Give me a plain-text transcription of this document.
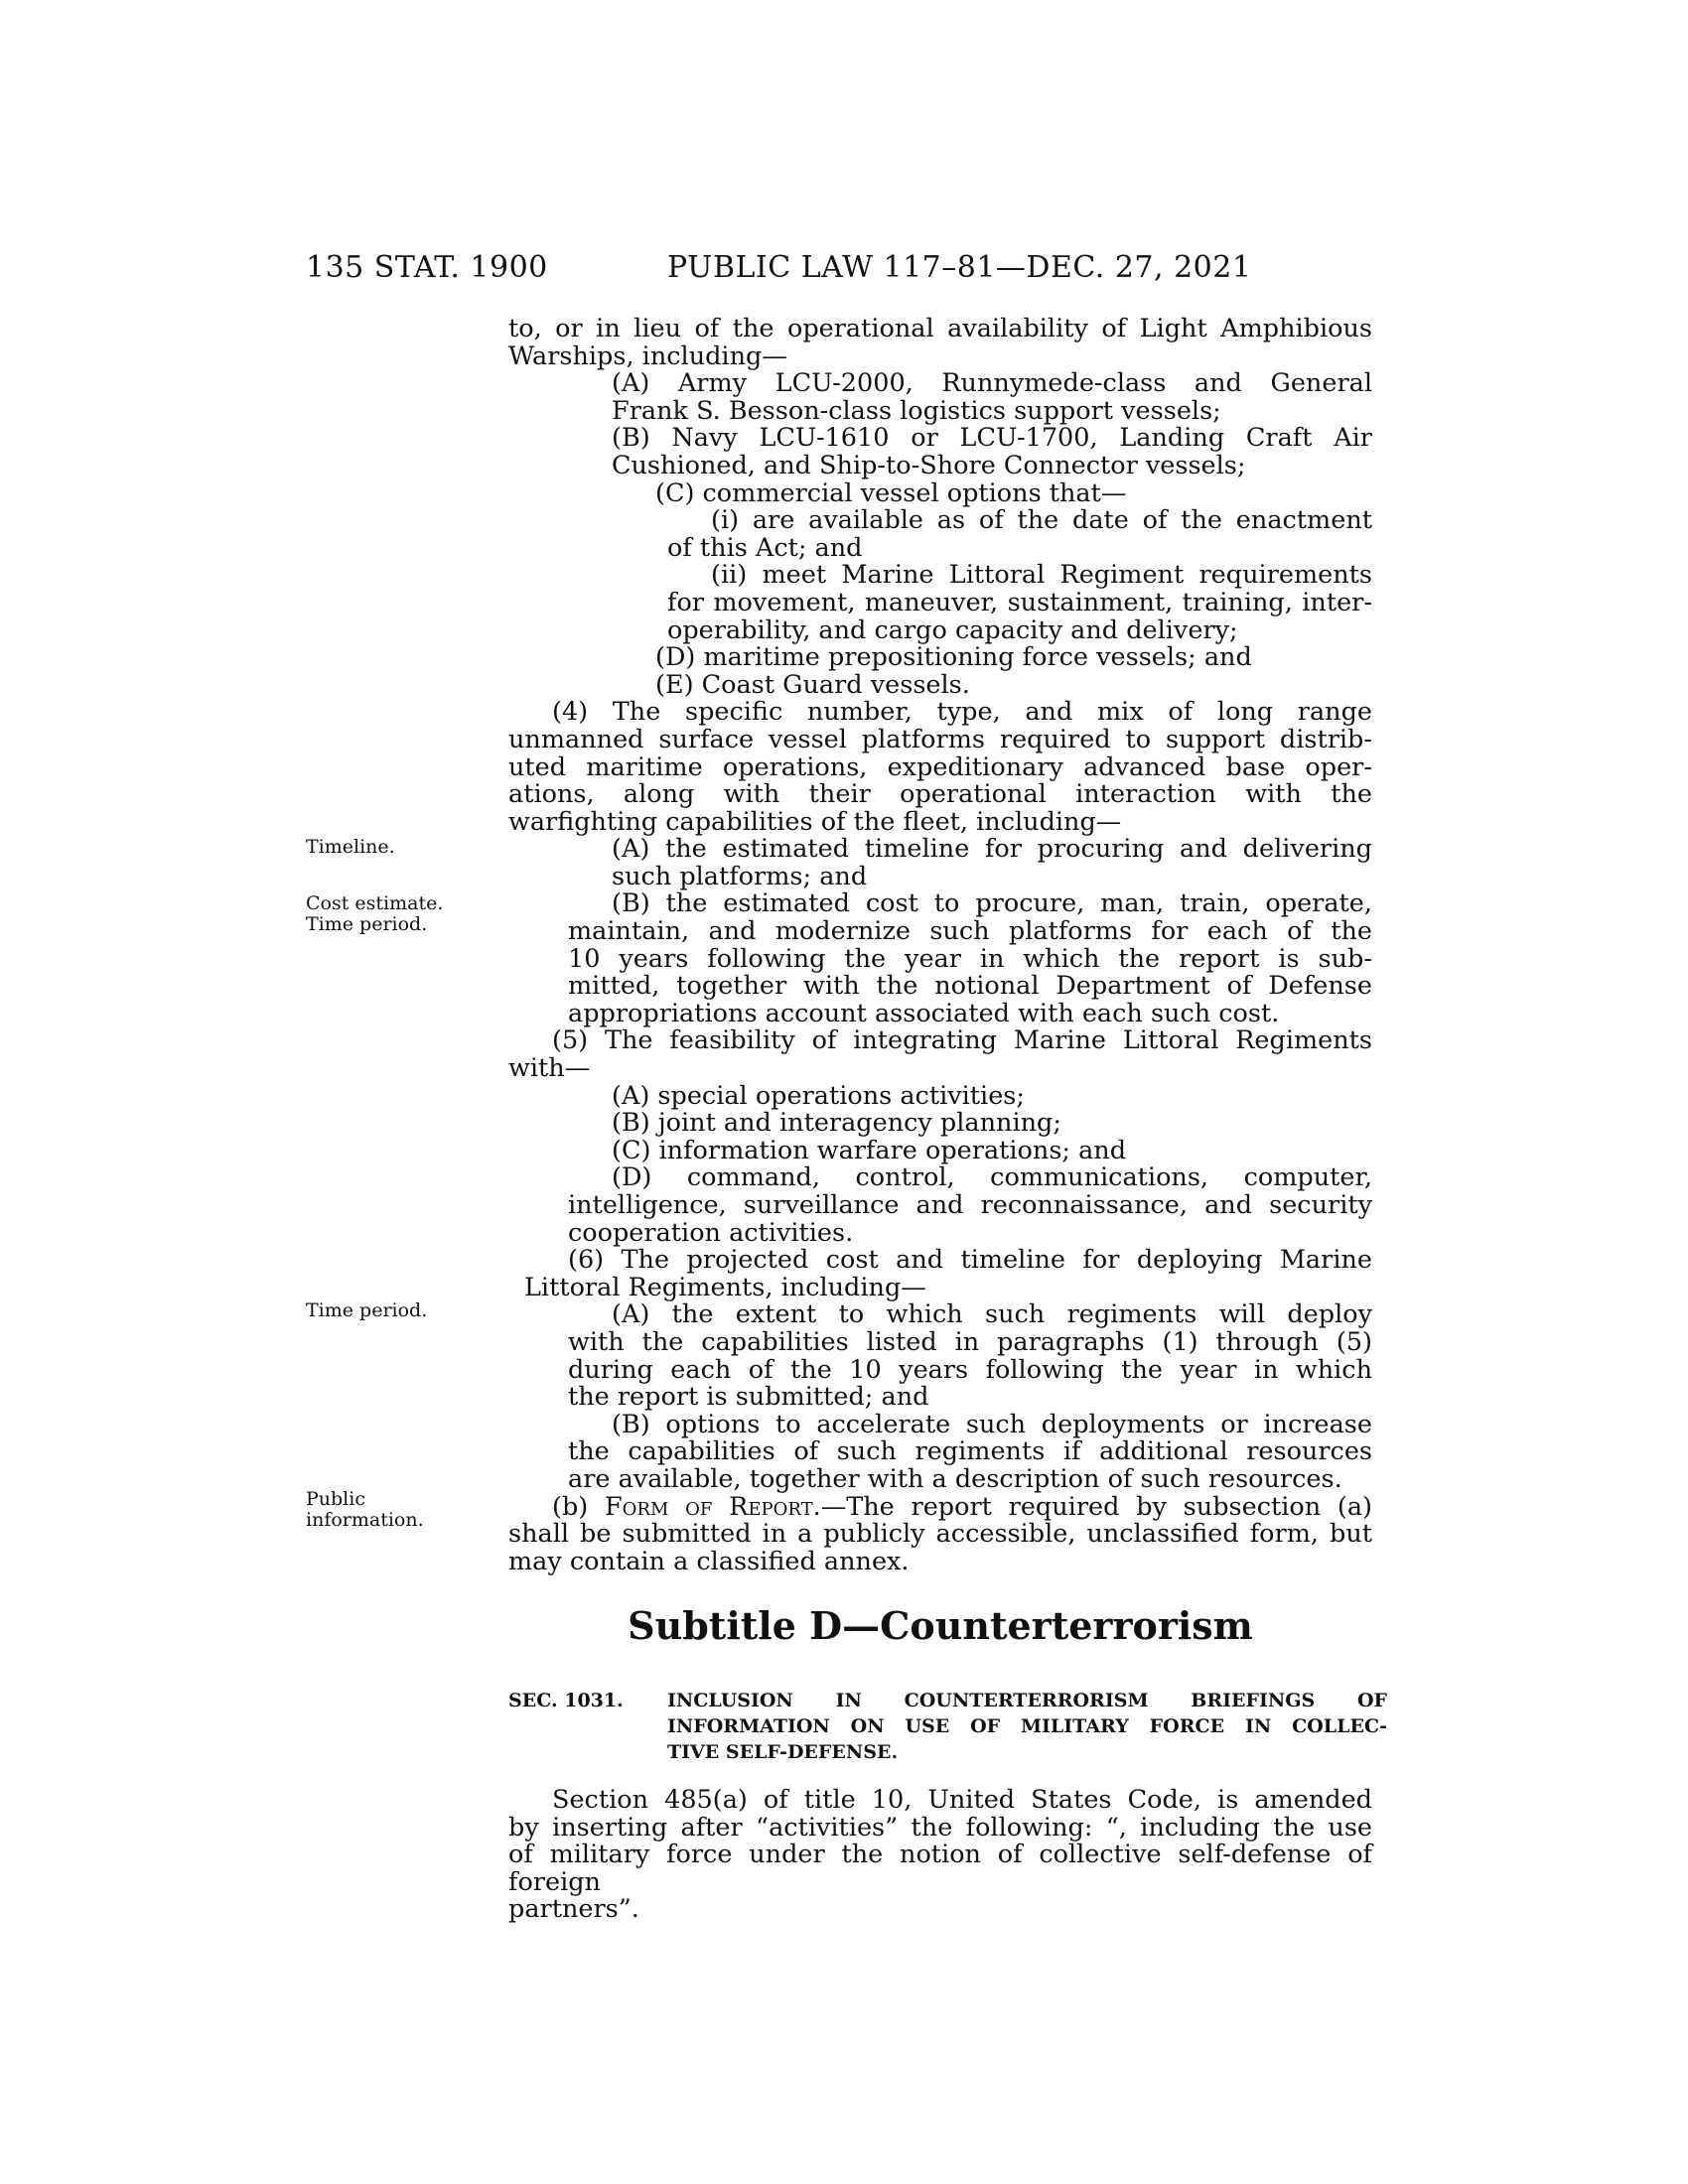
135 STAT. 1900	PUBLIC LAW 117–81—DEC. 27, 2021
Timeline.
Cost estimate.
Time period.
Time period.
Public
information.
to, or in lieu of the operational availability of Light Amphibious
Warships, including—
(A) Army LCU-2000, Runnymede-class and General
Frank S. Besson-class logistics support vessels;
(B) Navy LCU-1610 or LCU-1700, Landing Craft Air
Cushioned, and Ship-to-Shore Connector vessels;
(C) commercial vessel options that—
(i) are available as of the date of the enactment
of this Act; and
(ii) meet Marine Littoral Regiment requirements
for movement, maneuver, sustainment, training, inter-
operability, and cargo capacity and delivery;
(D) maritime prepositioning force vessels; and
(E) Coast Guard vessels.
(4) The specific number, type, and mix of long range
unmanned surface vessel platforms required to support distrib-
uted maritime operations, expeditionary advanced base oper-
ations, along with their operational interaction with the
warfighting capabilities of the fleet, including—
(A) the estimated timeline for procuring and delivering
such platforms; and
(B) the estimated cost to procure, man, train, operate,
maintain, and modernize such platforms for each of the
10 years following the year in which the report is sub-
mitted, together with the notional Department of Defense
appropriations account associated with each such cost.
(5) The feasibility of integrating Marine Littoral Regiments
with—
(A) special operations activities;
(B) joint and interagency planning;
(C) information warfare operations; and
(D) command, control, communications, computer,
intelligence, surveillance and reconnaissance, and security
cooperation activities.
(6) The projected cost and timeline for deploying Marine
Littoral Regiments, including—
(A) the extent to which such regiments will deploy
with the capabilities listed in paragraphs (1) through (5)
during each of the 10 years following the year in which
the report is submitted; and
(B) options to accelerate such deployments or increase
the capabilities of such regiments if additional resources
are available, together with a description of such resources.
(b) Form of Report.—The report required by subsection (a)
shall be submitted in a publicly accessible, unclassified form, but
may contain a classified annex.
Subtitle D—Counterterrorism
SEC. 1031. INCLUSION IN COUNTERTERRORISM BRIEFINGS OF
INFORMATION ON USE OF MILITARY FORCE IN COLLEC-
TIVE SELF-DEFENSE.
Section 485(a) of title 10, United States Code, is amended
by inserting after “activities” the following: “, including the use
of military force under the notion of collective self-defense of foreign
partners”.
